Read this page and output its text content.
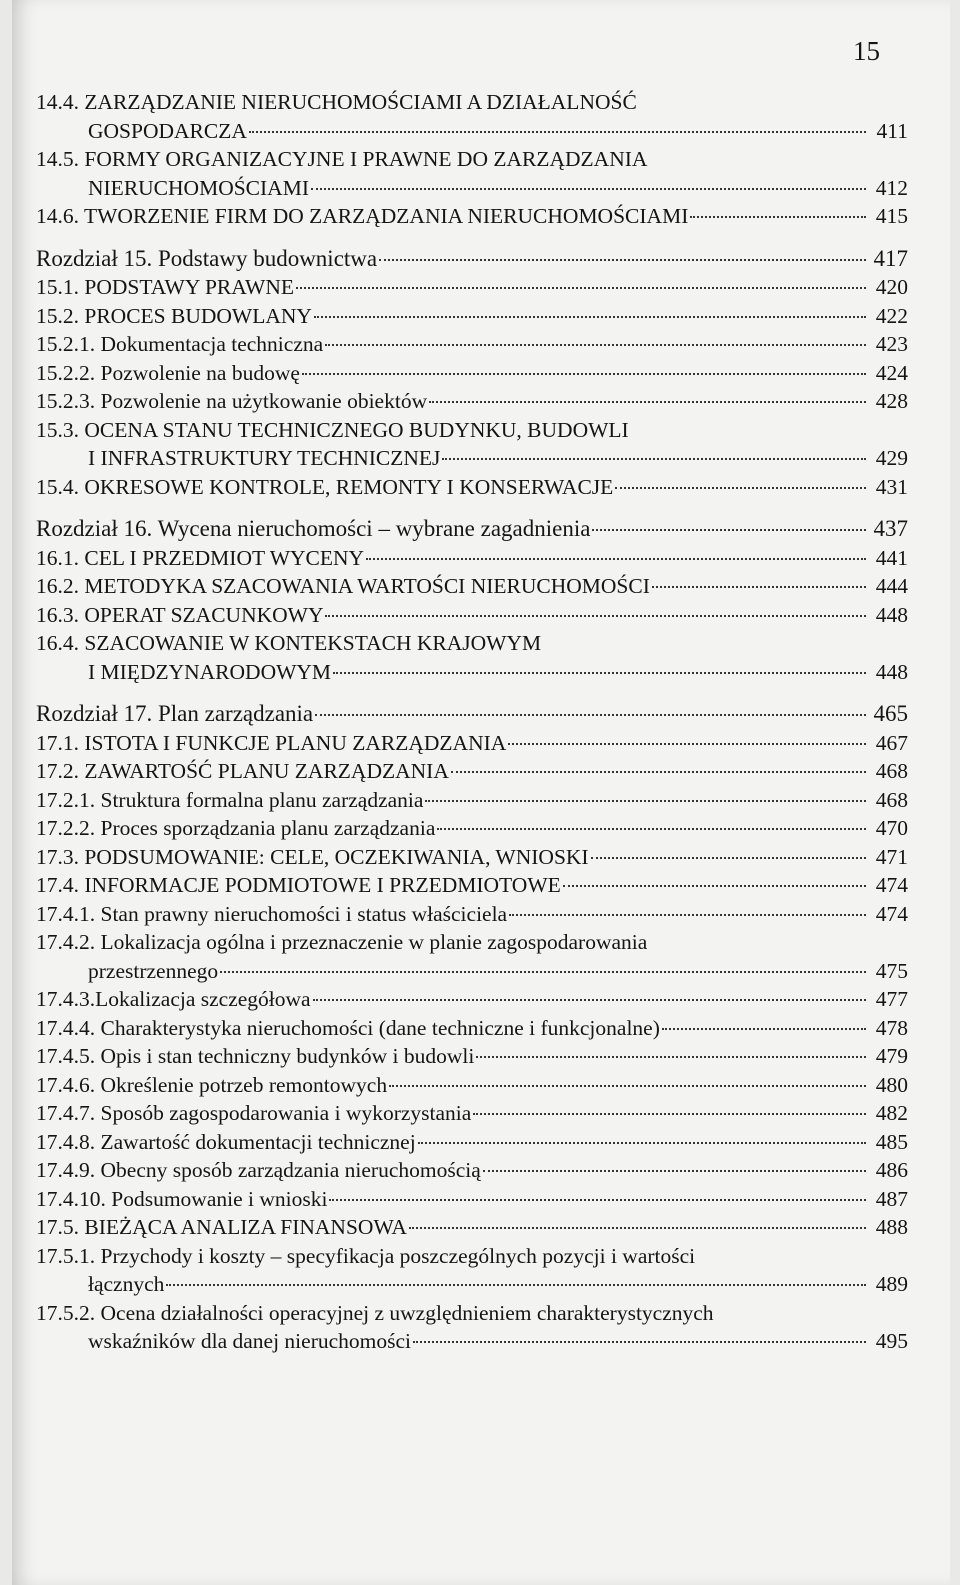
15
14.4. ZARZĄDZANIE NIERUCHOMOŚCIAMI A DZIAŁALNOŚĆ
GOSPODARCZA	411
14.5. FORMY ORGANIZACYJNE I PRAWNE DO ZARZĄDZANIA
NIERUCHOMOŚCIAMI	412
14.6. TWORZENIE FIRM DO ZARZĄDZANIA NIERUCHOMOŚCIAMI	415
Rozdział 15. Podstawy budownictwa	417
15.1. PODSTAWY PRAWNE	420
15.2. PROCES BUDOWLANY	422
15.2.1. Dokumentacja techniczna	423
15.2.2. Pozwolenie na budowę	424
15.2.3. Pozwolenie na użytkowanie obiektów	428
15.3. OCENA STANU TECHNICZNEGO BUDYNKU, BUDOWLI
I INFRASTRUKTURY TECHNICZNEJ	429
15.4. OKRESOWE KONTROLE, REMONTY I KONSERWACJE	431
Rozdział 16. Wycena nieruchomości – wybrane zagadnienia	437
16.1. CEL I PRZEDMIOT WYCENY	441
16.2. METODYKA SZACOWANIA WARTOŚCI NIERUCHOMOŚCI	444
16.3. OPERAT SZACUNKOWY	448
16.4. SZACOWANIE W KONTEKSTACH KRAJOWYM
I MIĘDZYNARODOWYM	448
Rozdział 17. Plan zarządzania	465
17.1. ISTOTA I FUNKCJE PLANU ZARZĄDZANIA	467
17.2. ZAWARTOŚĆ PLANU ZARZĄDZANIA	468
17.2.1. Struktura formalna planu zarządzania	468
17.2.2. Proces sporządzania planu zarządzania	470
17.3. PODSUMOWANIE: CELE, OCZEKIWANIA, WNIOSKI	471
17.4. INFORMACJE PODMIOTOWE I PRZEDMIOTOWE	474
17.4.1. Stan prawny nieruchomości i status właściciela	474
17.4.2. Lokalizacja ogólna i przeznaczenie w planie zagospodarowania
przestrzennego	475
17.4.3.Lokalizacja szczegółowa	477
17.4.4. Charakterystyka nieruchomości (dane techniczne i funkcjonalne)	478
17.4.5. Opis i stan techniczny budynków i budowli	479
17.4.6. Określenie potrzeb remontowych	480
17.4.7. Sposób zagospodarowania i wykorzystania	482
17.4.8. Zawartość dokumentacji technicznej	485
17.4.9. Obecny sposób zarządzania nieruchomością	486
17.4.10. Podsumowanie i wnioski	487
17.5. BIEŻĄCA ANALIZA FINANSOWA	488
17.5.1. Przychody i koszty – specyfikacja poszczególnych pozycji i wartości
łącznych	489
17.5.2. Ocena działalności operacyjnej z uwzględnieniem charakterystycznych
wskaźników dla danej nieruchomości	495
